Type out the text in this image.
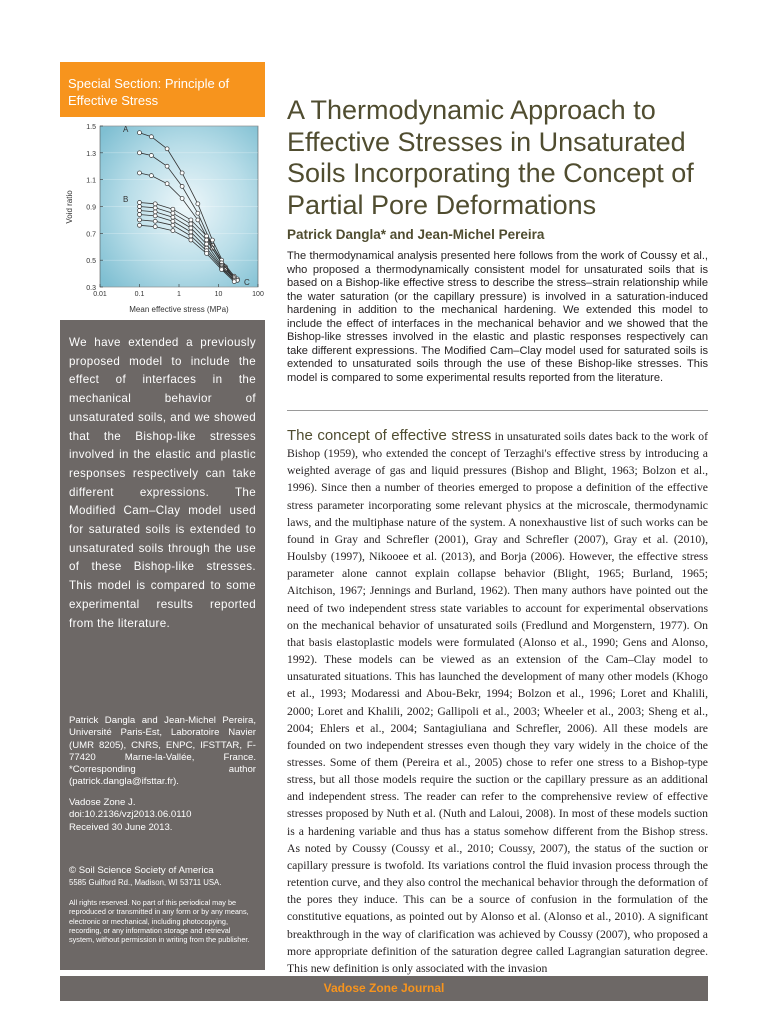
Special Section: Principle of Effective Stress
0.3
0.5
0.7
0.9
1.1
1.3
1.5
0.01	0.1	1	10	100
Void ratio
Mean effective stress (MPa)
A
B
C

We have extended a previously proposed model to include the effect of interfaces in the mechanical behavior of unsaturated soils, and we showed that the Bishop-like stresses involved in the elastic and plastic responses respectively can take different expressions. The Modified Cam–Clay model used for saturated soils is extended to unsaturated soils through the use of these Bishop-like stresses. This model is compared to some experimental results reported from the literature.

Patrick Dangla and Jean-Michel Pereira, Université Paris-Est, Laboratoire Navier (UMR 8205), CNRS, ENPC, IFSTTAR, F-77420 Marne-la-Vallée, France. *Corresponding author (patrick.dangla@ifsttar.fr).

Vadose Zone J.
doi:10.2136/vzj2013.06.0110
Received 30 June 2013.

© Soil Science Society of America
5585 Guilford Rd., Madison, WI 53711 USA.

All rights reserved. No part of this periodical may be reproduced or transmitted in any form or by any means, electronic or mechanical, including photocopying, recording, or any information storage and retrieval system, without permission in writing from the publisher.

A Thermodynamic Approach to Effective Stresses in Unsaturated Soils Incorporating the Concept of Partial Pore Deformations

Patrick Dangla* and Jean-Michel Pereira

The thermodynamical analysis presented here follows from the work of Coussy et al., who proposed a thermodynamically consistent model for unsaturated soils that is based on a Bishop-like effective stress to describe the stress–strain relationship while the water saturation (or the capillary pressure) is involved in a saturation-induced hardening in addition to the mechanical hardening. We extended this model to include the effect of interfaces in the mechanical behavior and we showed that the Bishop-like stresses involved in the elastic and plastic responses respectively can take different expressions. The Modified Cam–Clay model used for saturated soils is extended to unsaturated soils through the use of these Bishop-like stresses. This model is compared to some experimental results reported from the literature.

The concept of effective stress in unsaturated soils dates back to the work of Bishop (1959), who extended the concept of Terzaghi's effective stress by introducing a weighted average of gas and liquid pressures (Bishop and Blight, 1963; Bolzon et al., 1996). Since then a number of theories emerged to propose a definition of the effective stress parameter incorporating some relevant physics at the microscale, thermodynamic laws, and the multiphase nature of the system. A nonexhaustive list of such works can be found in Gray and Schrefler (2001), Gray and Schrefler (2007), Gray et al. (2010), Houlsby (1997), Nikooee et al. (2013), and Borja (2006). However, the effective stress parameter alone cannot explain collapse behavior (Blight, 1965; Burland, 1965; Aitchison, 1967; Jennings and Burland, 1962). Then many authors have pointed out the need of two independent stress state variables to account for experimental observations on the mechanical behavior of unsaturated soils (Fredlund and Morgenstern, 1977). On that basis elastoplastic models were formulated (Alonso et al., 1990; Gens and Alonso, 1992). These models can be viewed as an extension of the Cam–Clay model to unsaturated situations. This has launched the development of many other models (Khogo et al., 1993; Modaressi and Abou-Bekr, 1994; Bolzon et al., 1996; Loret and Khalili, 2000; Loret and Khalili, 2002; Gallipoli et al., 2003; Wheeler et al., 2003; Sheng et al., 2004; Ehlers et al., 2004; Santagiuliana and Schrefler, 2006). All these models are founded on two independent stresses even though they vary widely in the choice of the stresses. Some of them (Pereira et al., 2005) chose to refer one stress to a Bishop-type stress, but all those models require the suction or the capillary pressure as an additional and independent stress. The reader can refer to the comprehensive review of effective stresses proposed by Nuth et al. (Nuth and Laloui, 2008). In most of these models suction is a hardening variable and thus has a status somehow different from the Bishop stress. As noted by Coussy (Coussy et al., 2010; Coussy, 2007), the status of the suction or capillary pressure is twofold. Its variations control the fluid invasion process through the retention curve, and they also control the mechanical behavior through the deformation of the pores they induce. This can be a source of confusion in the formulation of the constitutive equations, as pointed out by Alonso et al. (Alonso et al., 2010). A significant breakthrough in the way of clarification was achieved by Coussy (2007), who proposed a more appropriate definition of the saturation degree called Lagrangian saturation degree. This new definition is only associated with the invasion

Vadose Zone Journal
